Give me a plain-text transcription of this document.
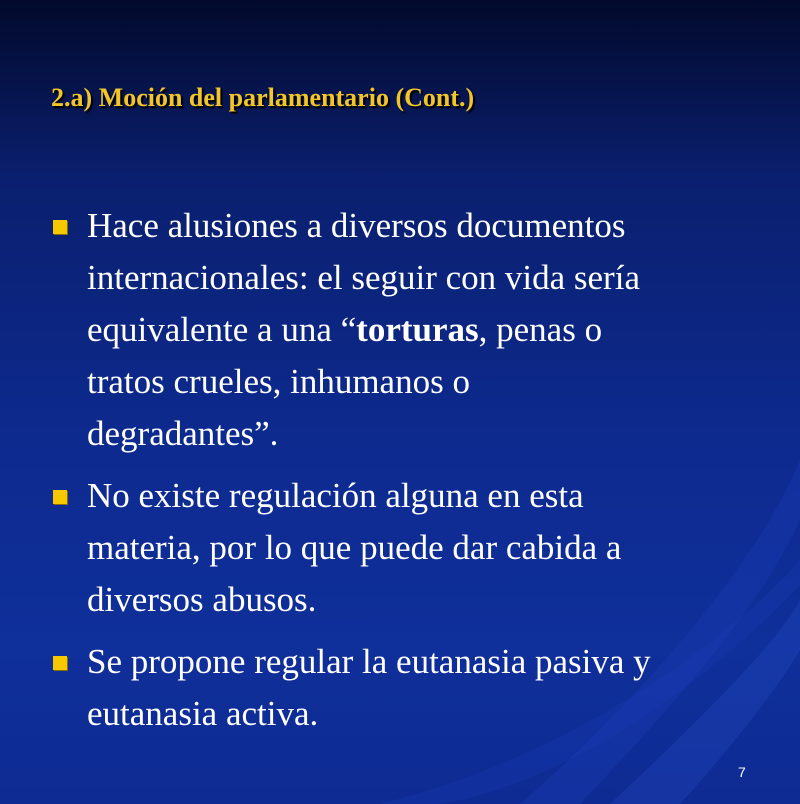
2.a) Moción del parlamentario (Cont.)
Hace alusiones a diversos documentos
internacionales: el seguir con vida sería
equivalente a una “torturas, penas o
tratos crueles, inhumanos o
degradantes”.
No existe regulación alguna en esta
materia, por lo que puede dar cabida a
diversos abusos.
Se propone regular la eutanasia pasiva y
eutanasia activa.
7
